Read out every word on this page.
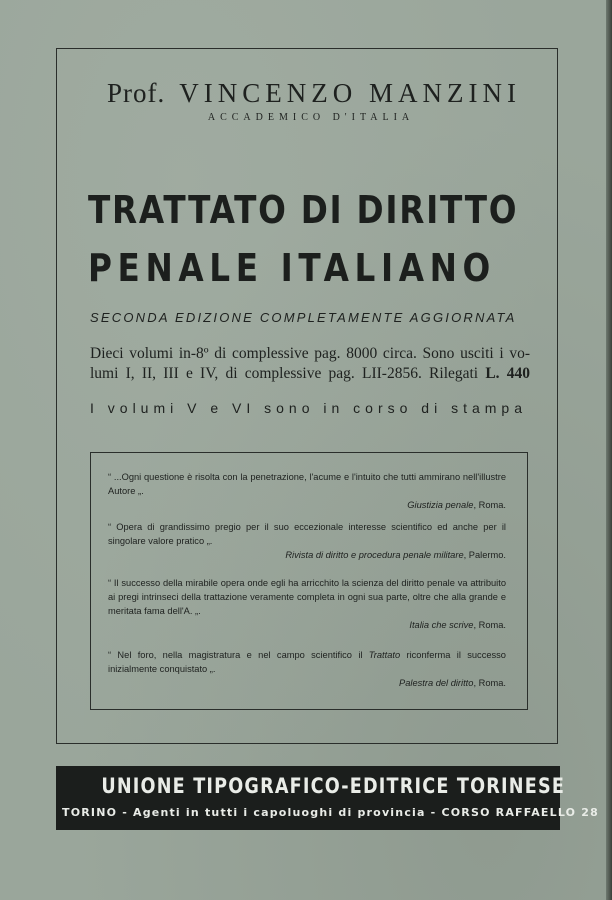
Prof. VINCENZO MANZINI
ACCADEMICO D'ITALIA
TRATTATO DI DIRITTO
PENALE ITALIANO
SECONDA EDIZIONE COMPLETAMENTE AGGIORNATA
Dieci volumi in-8º di complessive pag. 8000 circa. Sono usciti i vo-
lumi I, II, III e IV, di complessive pag. LII-2856. Rilegati L. 440
I volumi V e VI sono in corso di stampa
“ ...Ogni questione è risolta con la penetrazione, l'acume e l'intuito che tutti ammirano nell'illustre Autore „.
Giustizia penale, Roma.
“ Opera di grandissimo pregio per il suo eccezionale interesse scientifico ed anche per il singolare valore pratico „.
Rivista di diritto e procedura penale militare, Palermo.
“ Il successo della mirabile opera onde egli ha arricchito la scienza del diritto penale va attribuito ai pregi intrinseci della trattazione veramente completa in ogni sua parte, oltre che alla grande e meritata fama dell'A. „.
Italia che scrive, Roma.
“ Nel foro, nella magistratura e nel campo scientifico il Trattato riconferma il successo inizialmente conquistato „.
Palestra del diritto, Roma.
UNIONE TIPOGRAFICO-EDITRICE TORINESE
TORINO - Agenti in tutti i capoluoghi di provincia - CORSO RAFFAELLO 28
